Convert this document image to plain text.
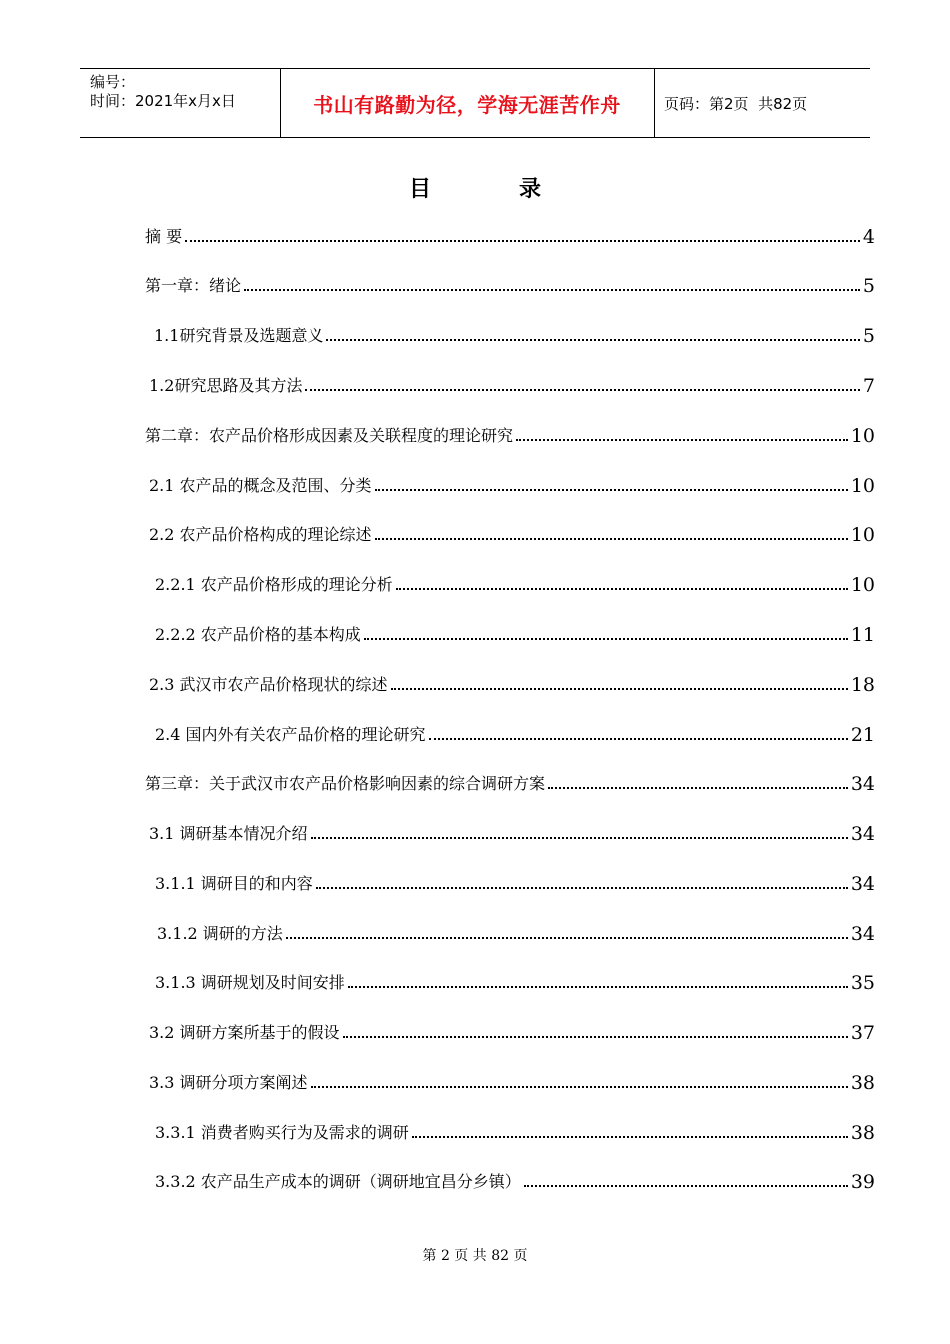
编号：
时间：2021年x月x日	书山有路勤为径，学海无涯苦作舟	页码：第2页  共82页
目	录
摘 要	4
第一章：绪论	5
1.1研究背景及选题意义	5
1.2研究思路及其方法	7
第二章：农产品价格形成因素及关联程度的理论研究	10
2.1 农产品的概念及范围、分类	10
2.2 农产品价格构成的理论综述	10
2.2.1 农产品价格形成的理论分析	10
2.2.2 农产品价格的基本构成	11
2.3 武汉市农产品价格现状的综述	18
2.4 国内外有关农产品价格的理论研究	21
第三章：关于武汉市农产品价格影响因素的综合调研方案	34
3.1 调研基本情况介绍	34
3.1.1 调研目的和内容	34
3.1.2 调研的方法	34
3.1.3 调研规划及时间安排	35
3.2 调研方案所基于的假设	37
3.3 调研分项方案阐述	38
3.3.1 消费者购买行为及需求的调研	38
3.3.2 农产品生产成本的调研（调研地宜昌分乡镇）	39
第 2 页 共 82 页
